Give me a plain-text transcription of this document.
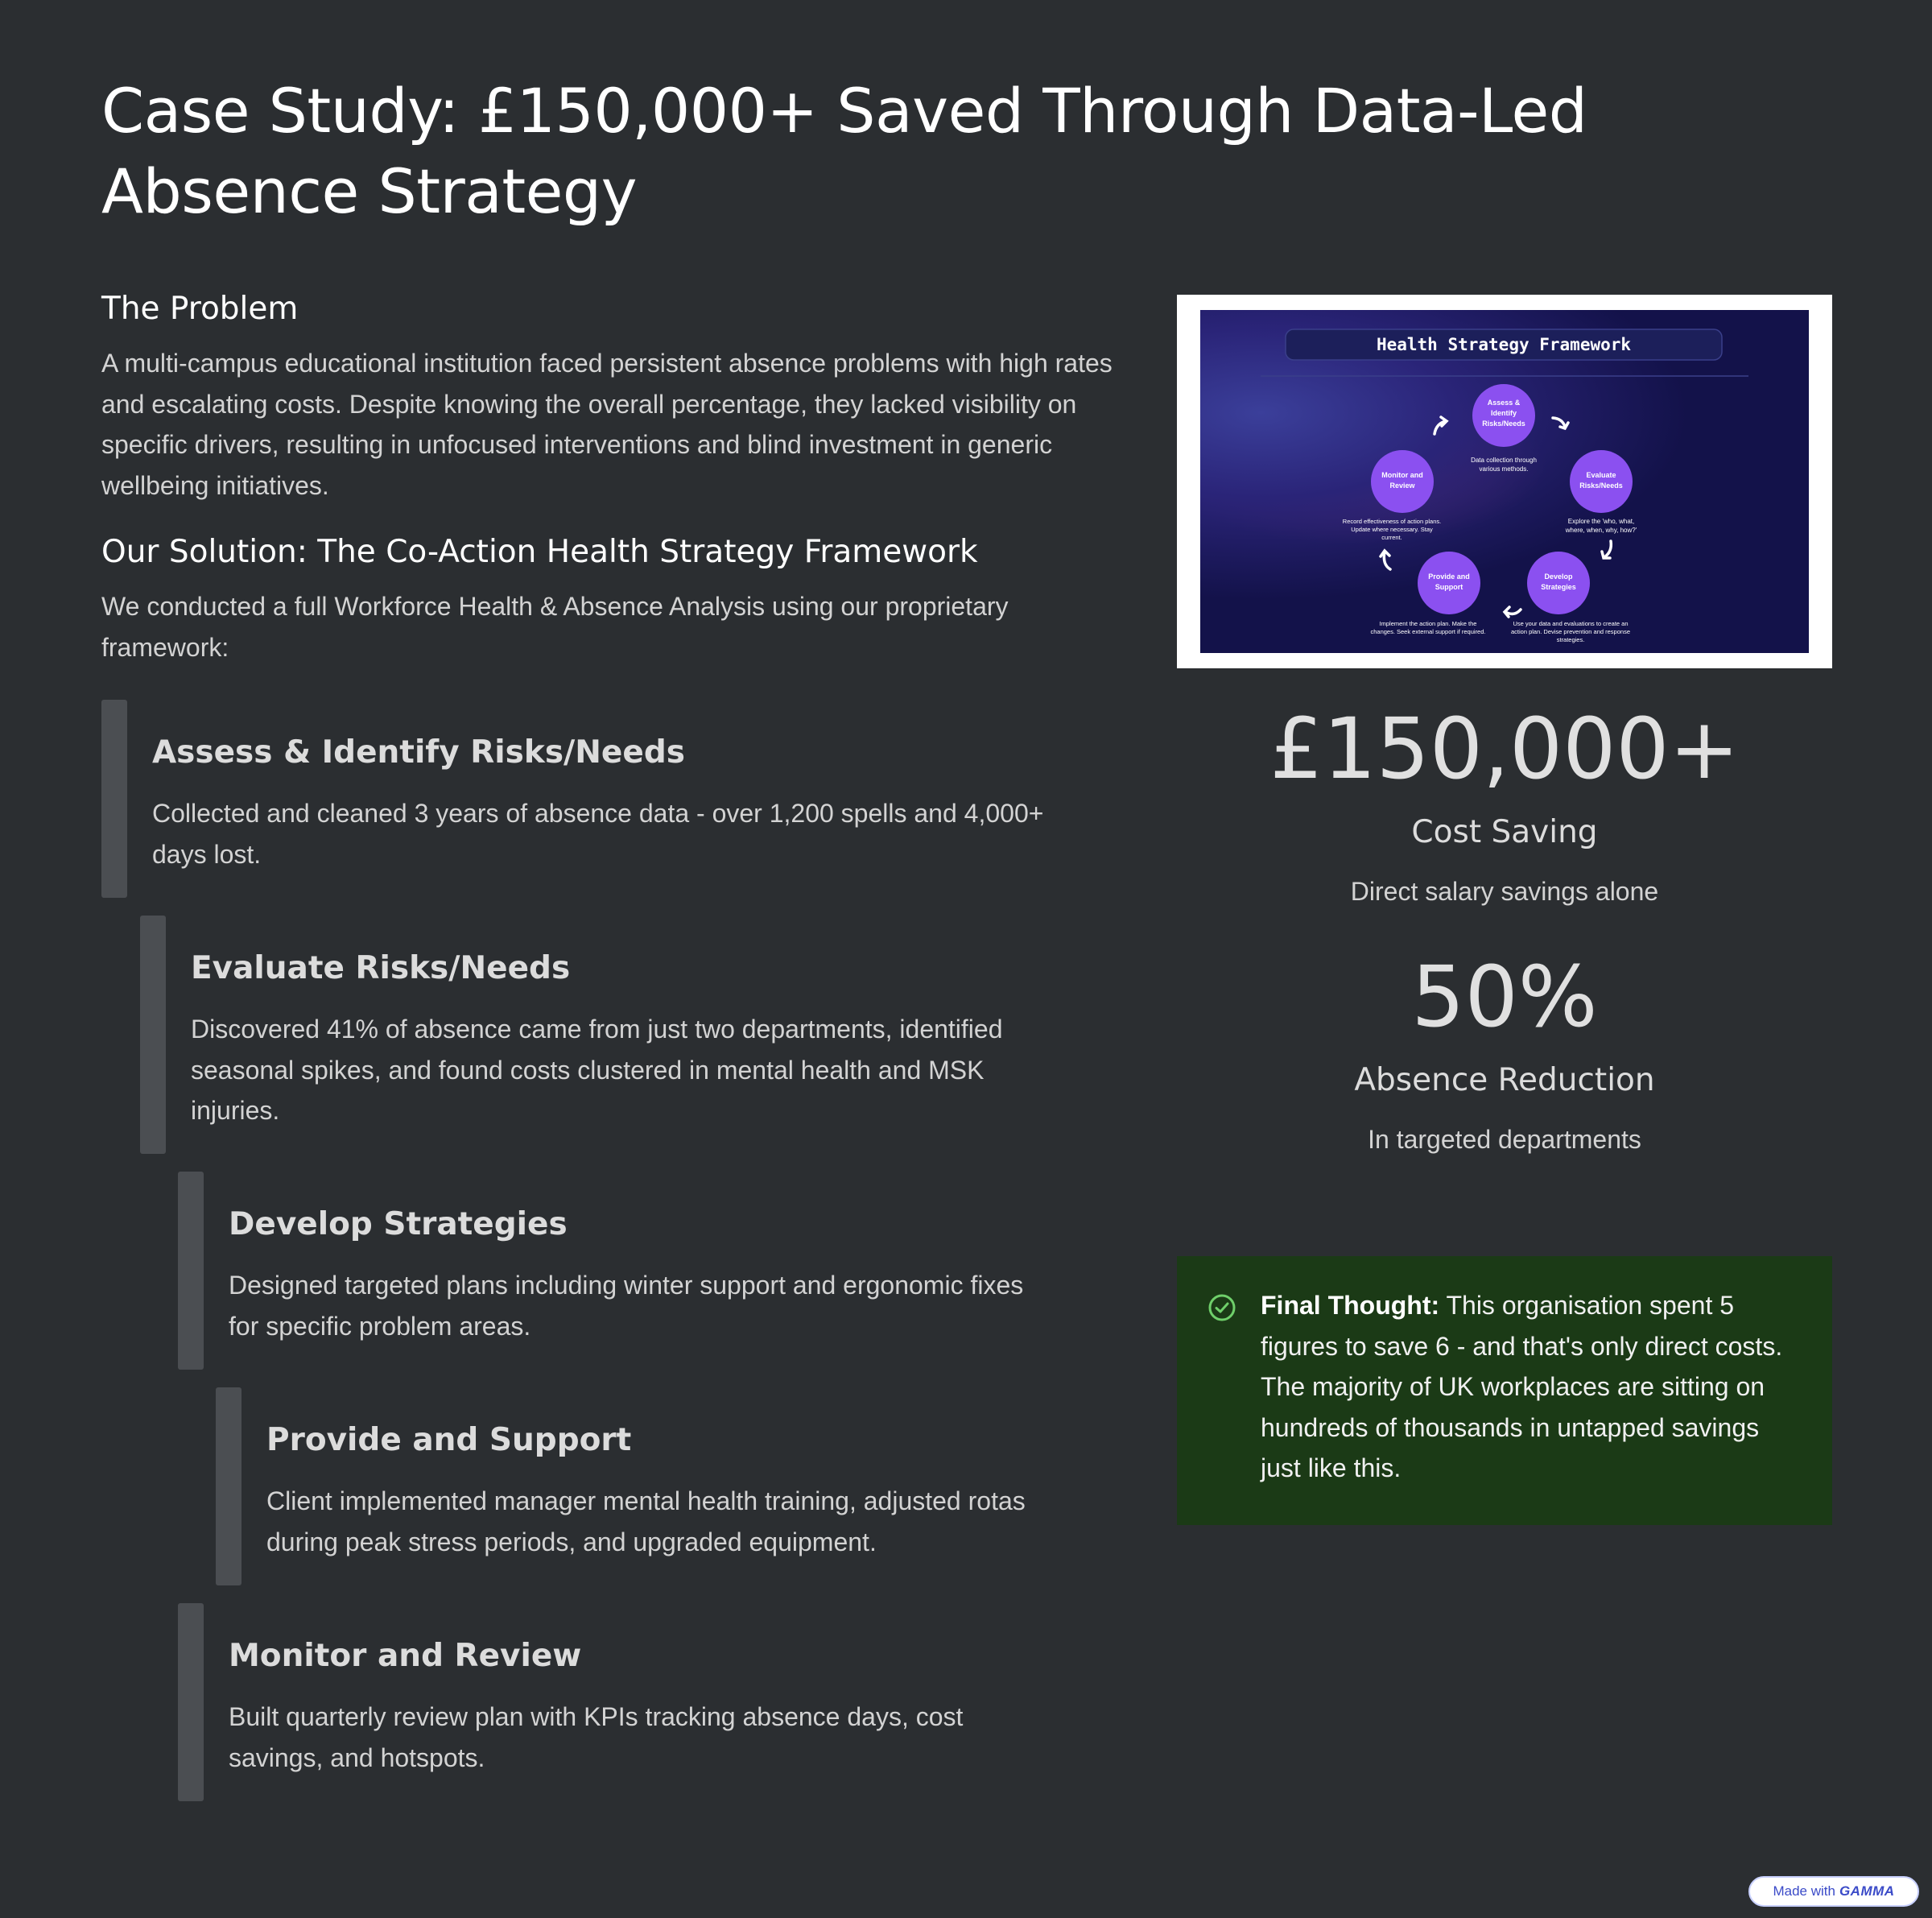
Case Study: £150,000+ Saved Through Data-Led Absence Strategy
The Problem

A multi-campus educational institution faced persistent absence problems with high rates and escalating costs. Despite knowing the overall percentage, they lacked visibility on specific drivers, resulting in unfocused interventions and blind investment in generic wellbeing initiatives.

Our Solution: The Co-Action Health Strategy Framework

We conducted a full Workforce Health & Absence Analysis using our proprietary framework:

Assess & Identify Risks/Needs

Collected and cleaned 3 years of absence data - over 1,200 spells and 4,000+ days lost.

Evaluate Risks/Needs

Discovered 41% of absence came from just two departments, identified seasonal spikes, and found costs clustered in mental health and MSK injuries.

Develop Strategies

Designed targeted plans including winter support and ergonomic fixes for specific problem areas.

Provide and Support

Client implemented manager mental health training, adjusted rotas during peak stress periods, and upgraded equipment.

Monitor and Review

Built quarterly review plan with KPIs tracking absence days, cost savings, and hotspots.

Health Strategy Framework
Assess &
Identify
Risks/Needs
Data collection through
various methods.
Evaluate
Risks/Needs
Explore the 'who, what,
where, when, why, how?'
Develop
Strategies
Use your data and evaluations to create an
action plan. Devise prevention and response
strategies.
Provide and
Support
Implement the action plan. Make the
changes. Seek external support if required.
Monitor and
Review
Record effectiveness of action plans.
Update where necessary. Stay
current.
£150,000+
Cost Saving
Direct salary savings alone
50%
Absence Reduction
In targeted departments

Final Thought: This organisation spent 5 figures to save 6 - and that's only direct costs. The majority of UK workplaces are sitting on hundreds of thousands in untapped savings just like this.

Made with GAMMA
